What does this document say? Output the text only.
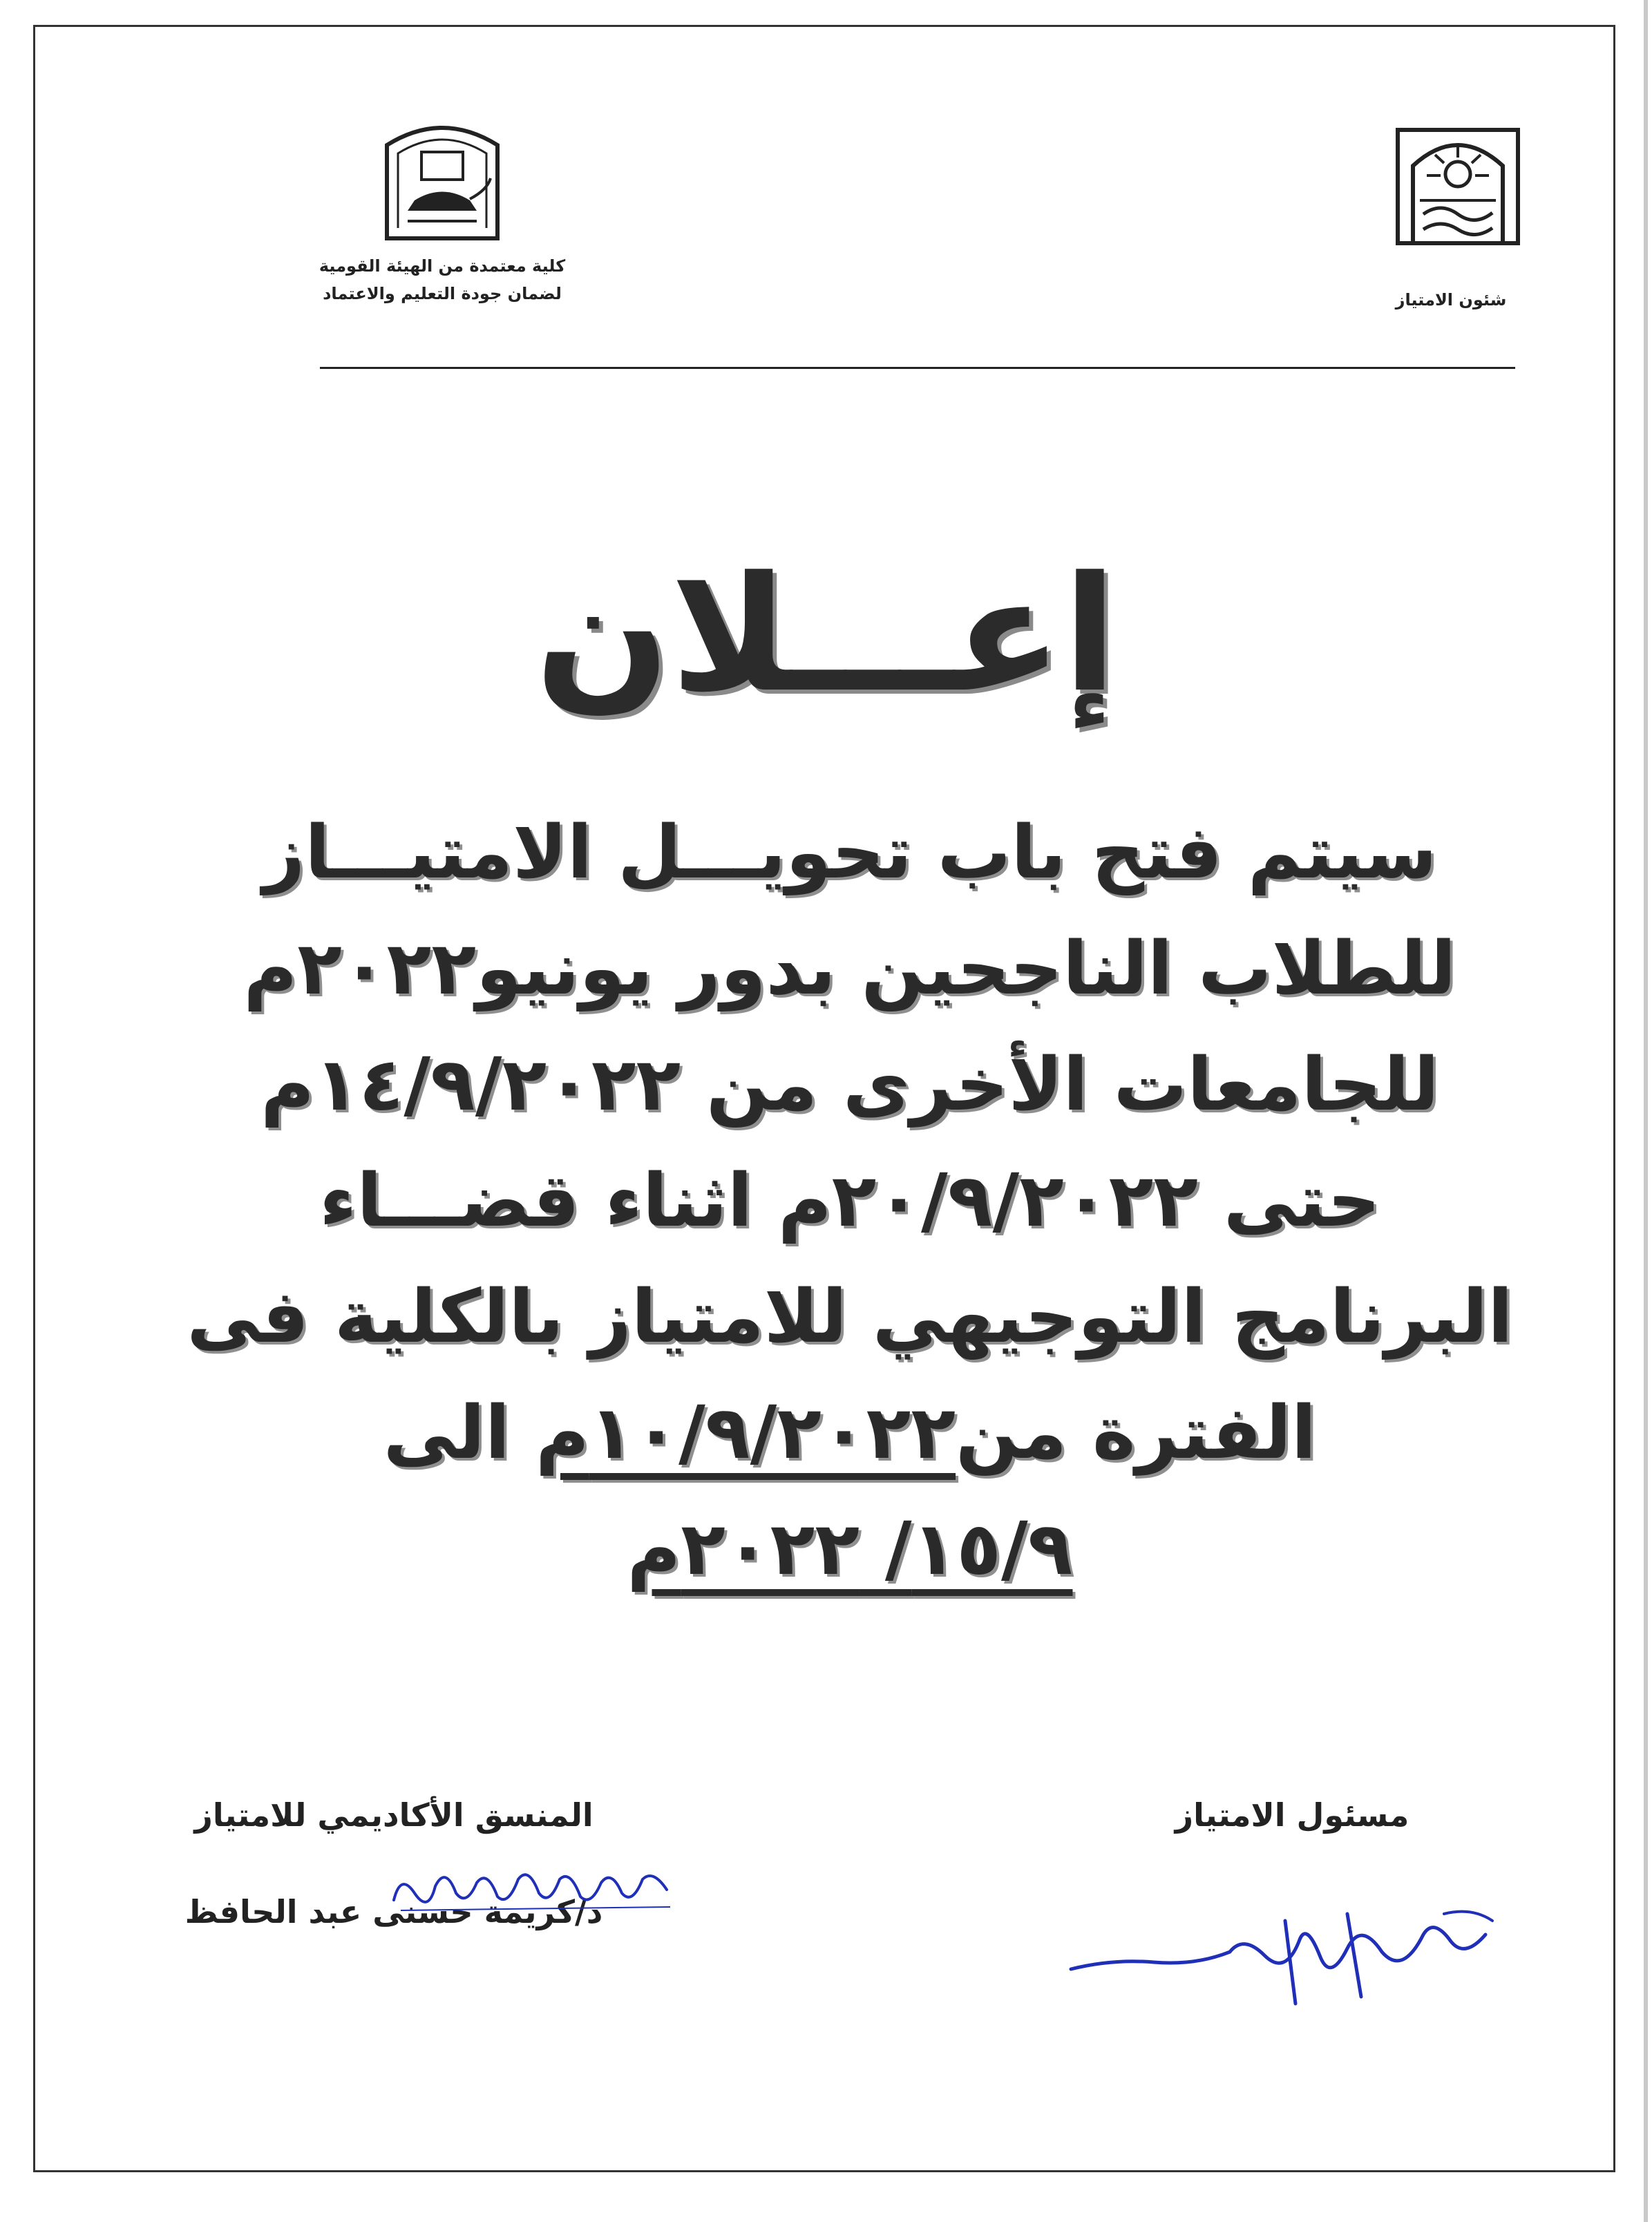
شئون الامتياز
كلية معتمدة من الهيئة القومية
لضمان جودة التعليم والاعتماد
إعـــلان
سيتم فتح باب تحويـــل الامتيـــاز
للطلاب الناجحين بدور يونيو٢٠٢٢م
للجامعات الأخرى من ١٤/٩/٢٠٢٢م
حتى ٢٠/٩/٢٠٢٢م اثناء قضـــاء
البرنامج التوجيهي للامتياز بالكلية فى
الفترة من١٠/٩/٢٠٢٢م الى
١٥/٩/ ٢٠٢٢م
مسئول الامتياز
المنسق الأكاديمي للامتياز
د/كريمة حسنى عبد الحافظ
